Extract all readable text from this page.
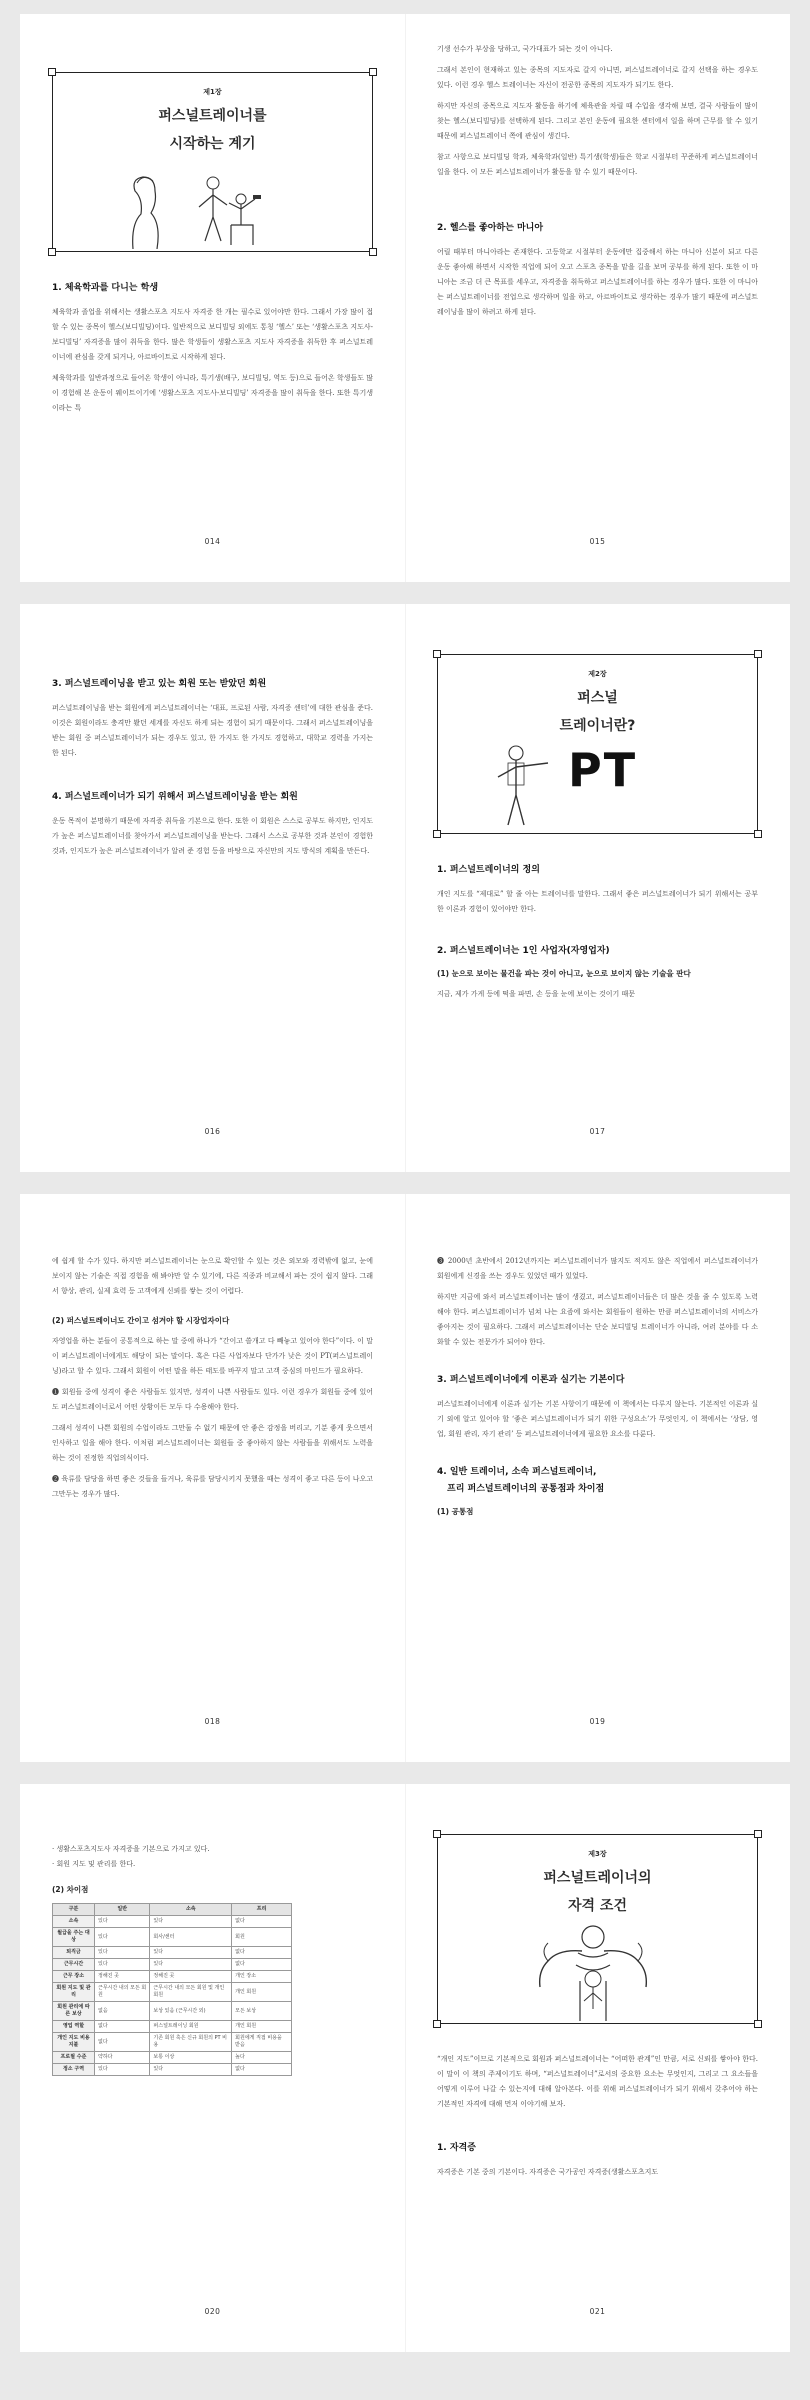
제1장
퍼스널트레이너를
시작하는 계기
1. 체육학과를 다니는 학생

체육학과 졸업을 위해서는 생활스포츠 지도사 자격증 한 개는 필수로 있어야만 한다. 그래서 가장 많이 접할 수 있는 종목이 헬스(보디빌딩)이다. 일반적으로 보디빌딩 외에도 통칭 ‘헬스’ 또는 ‘생활스포츠 지도사-보디빌딩’ 자격증을 많이 취득을 한다. 많은 학생들이 생활스포츠 지도사 자격증을 취득한 후 퍼스널트레이너에 관심을 갖게 되거나, 아르바이트로 시작하게 된다.

체육학과를 일반과정으로 들어온 학생이 아니라, 특기생(배구, 보디빌딩, 역도 등)으로 들어온 학생들도 많이 경험해 본 운동이 웨이트이기에 ‘생활스포츠 지도사-보디빌딩’ 자격증을 많이 취득을 한다. 또한 특기생이라는 특

014

기생 선수가 부상을 당하고, 국가대표가 되는 것이 아니다.

그래서 본인이 현재하고 있는 종목의 지도자로 갈지 아니면, 퍼스널트레이너로 갈지 선택을 하는 경우도 있다. 이런 경우 헬스 트레이너는 자신이 전공한 종목의 지도자가 되기도 한다.

하지만 자신의 종목으로 지도자 활동을 하기에 체육관을 차릴 때 수입을 생각해 보면, 결국 사람들이 많이 찾는 헬스(보디빌딩)를 선택하게 된다. 그리고 본인 운동에 필요한 센터에서 일을 하며 근무를 할 수 있기 때문에 퍼스널트레이너 쪽에 관심이 생긴다.

참고 사항으로 보디빌딩 학과, 체육학과(일반) 특기생(학생)들은 학교 시절부터 꾸준하게 퍼스널트레이너 일을 한다. 이 모든 퍼스널트레이너가 활동을 할 수 있기 때문이다.

2. 헬스를 좋아하는 마니아

어릴 때부터 마니아라는 존재한다. 고등학교 시절부터 운동에만 집중해서 하는 마니아 신분이 되고 다른 운동 좋아해 하면서 시작한 직업에 되어 오고 스포츠 종목을 맡을 길을 보며 공부를 하게 된다. 또한 이 마니아는 조금 더 큰 목표를 세우고, 자격증을 취득하고 퍼스널트레이너를 하는 경우가 많다. 또한 이 마니아는 퍼스널트레이너를 전업으로 생각하며 일을 하고, 아르바이트로 생각하는 경우가 많기 때문에 퍼스널트레이닝을 많이 하려고 하게 된다.

015
3. 퍼스널트레이닝을 받고 있는 회원 또는 받았던 회원

퍼스널트레이닝을 받는 회원에게 퍼스널트레이너는 ‘대표, 프로된 사람, 자격증 센터’에 대한 관심을 준다. 이것은 회원이라도 충격만 봤던 세계를 자신도 하게 되는 경험이 되기 때문이다. 그래서 퍼스널트레이닝을 받는 회원 중 퍼스널트레이너가 되는 경우도 있고, 한 가지도 한 가지도 경험하고, 대학교 경력을 가지는 한 된다.

4. 퍼스널트레이너가 되기 위해서 퍼스널트레이닝을 받는 회원

운동 목적이 분명하기 때문에 자격증 취득을 기본으로 한다. 또한 이 회원은 스스로 공부도 하지만, 인지도가 높은 퍼스널트레이너를 찾아가서 퍼스널트레이닝을 받는다. 그래서 스스로 공부한 것과 본인이 경험한 것과, 인지도가 높은 퍼스널트레이너가 알려 준 경험 등을 바탕으로 자신만의 지도 방식의 계획을 만든다.

016
제2장
퍼스널
트레이너란?
PT
1. 퍼스널트레이너의 정의

개인 지도를 “제대로” 할 줄 아는 트레이너를 말한다. 그래서 좋은 퍼스널트레이너가 되기 위해서는 공부한 이론과 경험이 있어야만 한다.

2. 퍼스널트레이너는 1인 사업자(자영업자)
(1) 눈으로 보이는 물건을 파는 것이 아니고, 눈으로 보이지 않는 기술을 판다

지금, 제가 가게 등에 떡을 파면, 손 등을 눈에 보이는 것이기 때문

017

에 쉽게 할 수가 있다. 하지만 퍼스널트레이너는 눈으로 확인할 수 있는 것은 외모와 경력밖에 없고, 눈에 보이지 않는 기술은 직접 경험을 해 봐야만 알 수 있기에, 다른 직종과 비교해서 파는 것이 쉽지 않다. 그래서 향상, 관리, 실제 효력 등 고객에게 신뢰를 쌓는 것이 어렵다.

(2) 퍼스널트레이너도 간이고 섬겨야 할 시장업자이다

자영업을 하는 분들이 공통적으로 하는 말 중에 하나가 “간이고 쓸개고 다 빼놓고 있어야 한다”이다. 이 말이 퍼스널트레이너에게도 해당이 되는 말이다. 혹은 다른 사업자보다 단가가 낮은 것이 PT(퍼스널트레이닝)라고 할 수 있다. 그래서 회원이 어떤 말을 하든 태도를 바꾸지 말고 고객 중심의 마인드가 필요하다.

❶ 회원들 중에 성격이 좋은 사람들도 있지만, 성격이 나쁜 사람들도 있다. 이런 경우가 회원들 중에 있어도 퍼스널트레이너로서 어떤 상황이든 모두 다 수용해야 한다.

그래서 성격이 나쁜 회원의 수업이라도 그만둘 수 없기 때문에 안 좋은 감정을 버리고, 기분 좋게 웃으면서 인사하고 일을 해야 한다. 이처럼 퍼스널트레이너는 회원들 중 좋아하지 않는 사람들을 위해서도 노력을 하는 것이 진정한 직업의식이다.

❷ 육류를 담당을 하면 좋은 것들을 들거나, 육류를 담당시키지 못했을 때는 성격이 좋고 다른 등이 나오고 그만두는 경우가 많다.

018

❸ 2000년 초반에서 2012년까지는 퍼스널트레이너가 많지도 적지도 않은 직업에서 퍼스널트레이너가 회원에게 신경을 쓰는 경우도 있었던 때가 있었다.

하지만 지금에 와서 퍼스널트레이너는 많이 생겼고, 퍼스널트레이너들은 더 많은 것을 줄 수 있도록 노력해야 한다. 퍼스널트레이너가 넘쳐 나는 요즘에 와서는 회원들이 원하는 만큼 퍼스널트레이너의 서비스가 좋아지는 것이 필요하다. 그래서 퍼스널트레이너는 단순 보디빌딩 트레이너가 아니라, 여러 분야를 다 소화할 수 있는 전문가가 되어야 한다.

3. 퍼스널트레이너에게 이론과 실기는 기본이다

퍼스널트레이너에게 이론과 실기는 기본 사항이기 때문에 이 책에서는 다루지 않는다. 기본적인 이론과 실기 외에 알고 있어야 할 ‘좋은 퍼스널트레이너가 되기 위한 구성요소’가 무엇인지, 이 책에서는 ‘상담, 영업, 회원 관리, 자기 관리’ 등 퍼스널트레이너에게 필요한 요소를 다룬다.

4. 일반 트레이너, 소속 퍼스널트레이너,
프리 퍼스널트레이너의 공통점과 차이점
(1) 공통점
019
· 생활스포츠지도사 자격증을 기본으로 가지고 있다.
· 회원 지도 및 관리를 한다.
(2) 차이점
구분	일반	소속	프리
소속	있다	있다	없다
월급을 주는 대상	있다	회사/센터	회원
퇴직금	있다	있다	없다
근무시간	있다	있다	없다
근무 장소	정해진 곳	정해진 곳	개인 장소
회원 지도 및 관리	근무시간 내의 모든 회원	근무시간 내의 모든 회원 및 개인 회원	개인 회원
회원 관리에 따른 보상	없음	보상 있음 (근무시간 외)	모든 보상
영업 역할	없다	퍼스널트레이닝 회원	개인 회원
개인 지도 비용 지불	없다	기존 회원 혹은 신규 회원의 PT 비용	회원에게 직접 비용을 받음
프로필 수준	약하다	보통 이상	높다
정소 구역	있다	있다	없다
020
제3장
퍼스널트레이너의
자격 조건

“개인 지도”이므로 기본적으로 회원과 퍼스널트레이너는 “어떠한 관계”인 만큼, 서로 신뢰를 쌓아야 한다. 이 말이 이 책의 주제이기도 하며, “퍼스널트레이너”로서의 중요한 요소는 무엇인지, 그리고 그 요소들을 어떻게 이루어 나갈 수 있는지에 대해 알아본다. 이를 위해 퍼스널트레이너가 되기 위해서 갖추어야 하는 기본적인 자격에 대해 먼저 이야기해 보자.

1. 자격증

자격증은 기본 중의 기본이다. 자격증은 국가공인 자격증(생활스포츠지도

021
